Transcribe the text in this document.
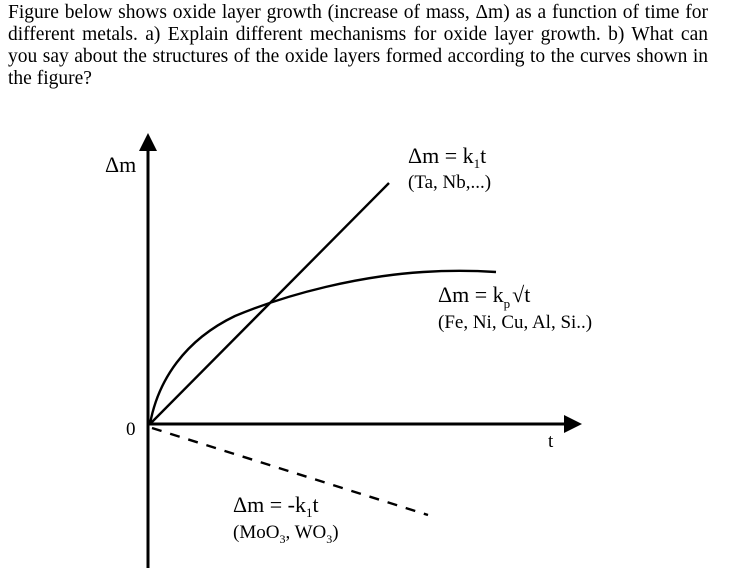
Figure below shows oxide layer growth (increase of mass, Δm) as a function of time for different metals. a) Explain different mechanisms for oxide layer growth. b) What can you say about the structures of the oxide layers formed according to the curves shown in the figure?

Δm
0
t
$\Delta m = k_1t$
(Ta, Nb,...)
$\Delta m = k_p√t$
(Fe, Ni, Cu, Al, Si..)
$\Delta m = -k_1t$
(MoO$_3$, $WO_3$)
